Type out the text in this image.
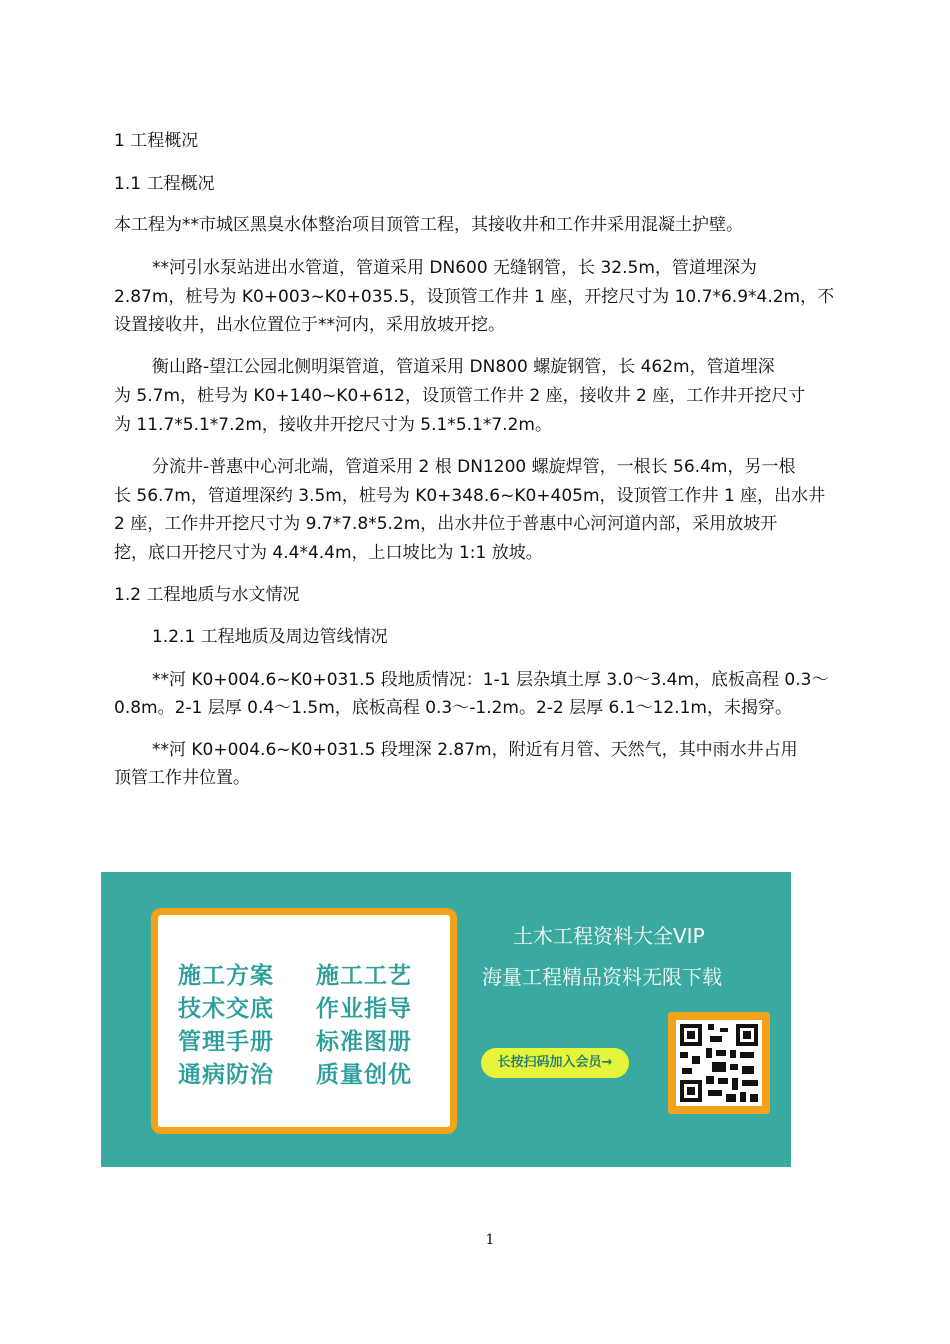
1 工程概况
1.1 工程概况
本工程为**市城区黑臭水体整治项目顶管工程，其接收井和工作井采用混凝土护壁。
**河引水泵站进出水管道，管道采用 DN600 无缝钢管，长 32.5m，管道埋深为
2.87m，桩号为 K0+003~K0+035.5，设顶管工作井 1 座，开挖尺寸为 10.7*6.9*4.2m，不
设置接收井，出水位置位于**河内，采用放坡开挖。
衡山路-望江公园北侧明渠管道，管道采用 DN800 螺旋钢管，长 462m，管道埋深
为 5.7m，桩号为 K0+140~K0+612，设顶管工作井 2 座，接收井 2 座，工作井开挖尺寸
为 11.7*5.1*7.2m，接收井开挖尺寸为 5.1*5.1*7.2m。
分流井-普惠中心河北端，管道采用 2 根 DN1200 螺旋焊管，一根长 56.4m，另一根
长 56.7m，管道埋深约 3.5m，桩号为 K0+348.6~K0+405m，设顶管工作井 1 座，出水井
2 座，工作井开挖尺寸为 9.7*7.8*5.2m，出水井位于普惠中心河河道内部，采用放坡开
挖，底口开挖尺寸为 4.4*4.4m，上口坡比为 1:1 放坡。
1.2 工程地质与水文情况
1.2.1 工程地质及周边管线情况
**河 K0+004.6~K0+031.5 段地质情况：1-1 层杂填土厚 3.0～3.4m，底板高程 0.3～
0.8m。2-1 层厚 0.4～1.5m，底板高程 0.3～-1.2m。2-2 层厚 6.1～12.1m，未揭穿。
**河 K0+004.6~K0+031.5 段埋深 2.87m，附近有月管、天然气，其中雨水井占用
顶管工作井位置。
施工方案 施工工艺
技术交底 作业指导
管理手册 标准图册
通病防治 质量创优
土木工程资料大全VIP
海量工程精品资料无限下载
长按扫码加入会员→
1
